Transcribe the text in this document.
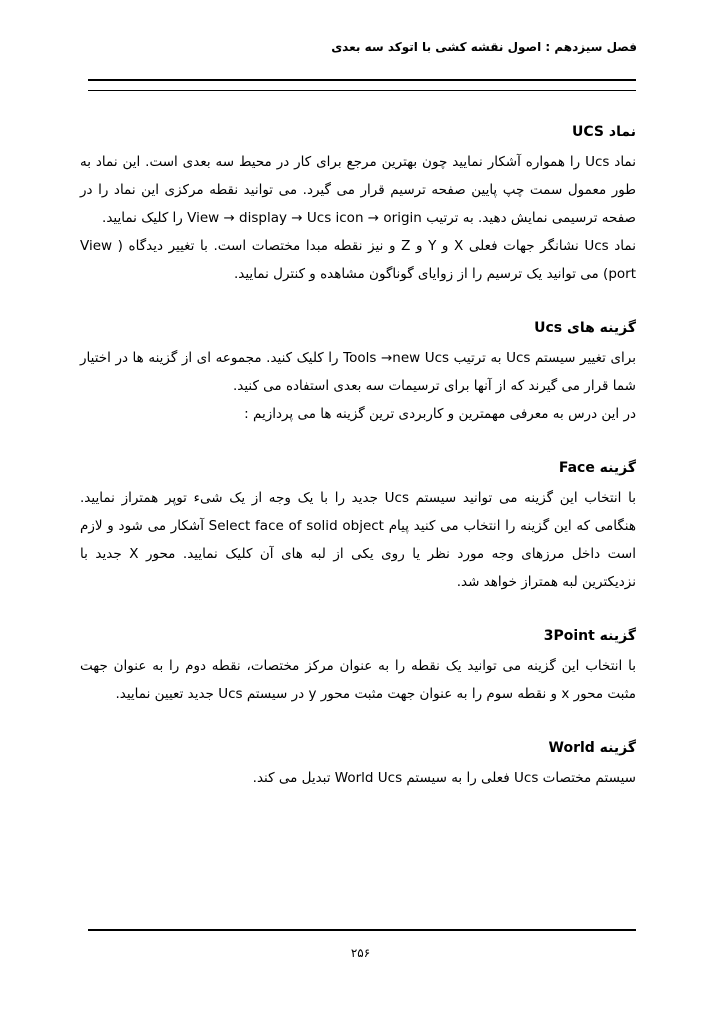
فصل سیزدهم : اصول نقشه کشی با اتوکد سه بعدی
نماد UCS

نماد Ucs را همواره آشکار نمایید چون بهترین مرجع برای کار در محیط سه بعدی است. این نماد به طور معمول سمت چپ پایین صفحه ترسیم قرار می گیرد. می توانید نقطه مرکزی این نماد را در صفحه ترسیمی نمایش دهید. به ترتیب View → display → Ucs icon → origin را کلیک نمایید.

نماد Ucs نشانگر جهات فعلی X و Y و Z و نیز نقطه مبدا مختصات است. با تغییر دیدگاه ( View port) می توانید یک ترسیم را از زوایای گوناگون مشاهده و کنترل نمایید.

گزینه های Ucs

برای تغییر سیستم Ucs به ترتیب Tools →new Ucs را کلیک کنید. مجموعه ای از گزینه ها در اختیار شما قرار می گیرند که از آنها برای ترسیمات سه بعدی استفاده می کنید.

در این درس به معرفی مهمترین و کاربردی ترین گزینه ها می پردازیم :

گزینه Face

با انتخاب این گزینه می توانید سیستم Ucs جدید را با یک وجه از یک شیء توپر همتراز نمایید. هنگامی که این گزینه را انتخاب می کنید پیام Select face of solid object آشکار می شود و لازم است داخل مرزهای وجه مورد نظر یا روی یکی از لبه های آن کلیک نمایید. محور X جدید با نزدیکترین لبه همتراز خواهد شد.

گزینه 3Point

با انتخاب این گزینه می توانید یک نقطه را به عنوان مرکز مختصات، نقطه دوم را به عنوان جهت مثبت محور x و نقطه سوم را به عنوان جهت مثبت محور y در سیستم Ucs جدید تعیین نمایید.

گزینه World

سیستم مختصات Ucs فعلی را به سیستم World Ucs تبدیل می کند.

۲۵۶
